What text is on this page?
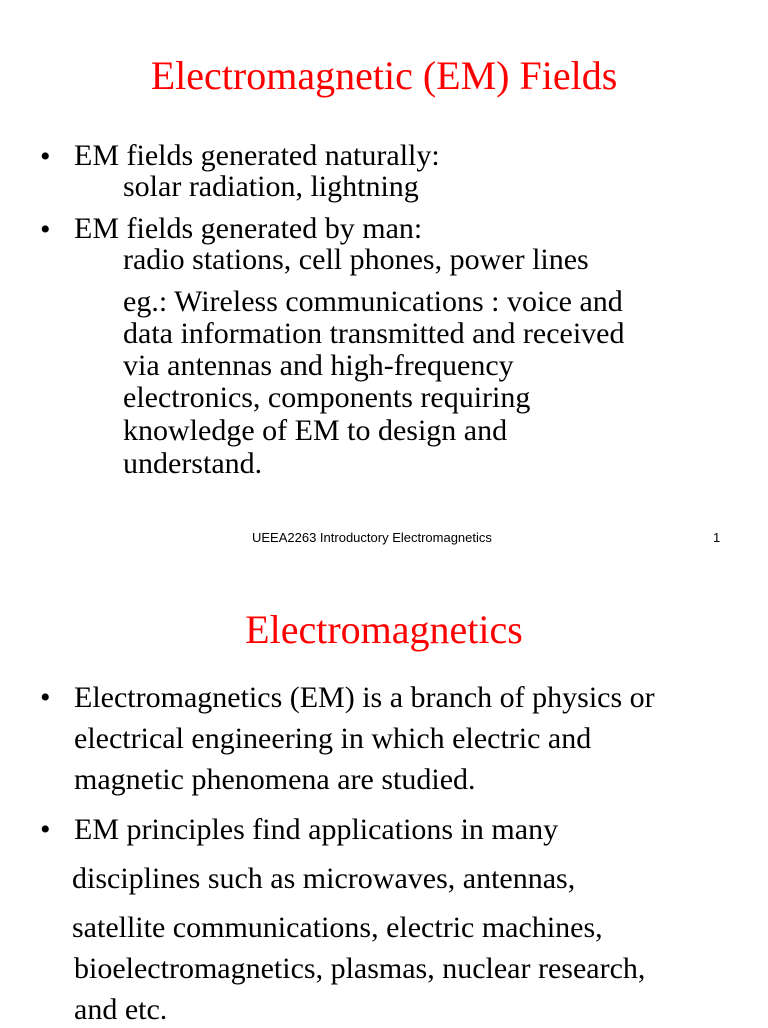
Electromagnetic (EM) Fields
• EM fields generated naturally:
solar radiation, lightning
• EM fields generated by man:
radio stations, cell phones, power lines
eg.: Wireless communications : voice and
data information transmitted and received
via antennas and high-frequency
electronics, components requiring
knowledge of EM to design and
understand.
UEEA2263 Introductory Electromagnetics	1
Electromagnetics
• Electromagnetics (EM) is a branch of physics or
electrical engineering in which electric and
magnetic phenomena are studied.
• EM principles find applications in many
disciplines such as microwaves, antennas,
satellite communications, electric machines,
bioelectromagnetics, plasmas, nuclear research,
and etc.
